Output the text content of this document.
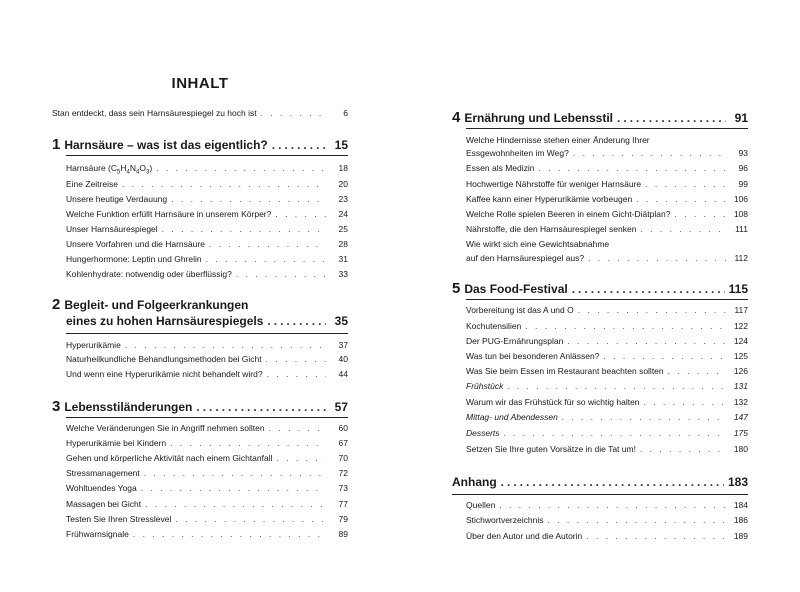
INHALT
Stan entdeckt, dass sein Harnsäurespiegel zu hoch ist . . .	6
1 Harnsäure – was ist das eigentlich? .....	15
Harnsäure $(C_5H_4N_4O_3)$ . . .	18
Eine Zeitreise . . .	20
Unsere heutige Verdauung . . .	23
Welche Funktion erfüllt Harnsäure in unserem Körper? . . .	24
Unser Harnsäurespiegel . . .	25
Unsere Vorfahren und die Harnsäure . . .	28
Hungerhormone: Leptin und Ghrelin . . .	31
Kohlenhydrate: notwendig oder überflüssig? . . .	33
2 Begleit- und Folgeerkrankungen
eines zu hohen Harnsäurespiegels .....	35
Hyperurikämie . . .	37
Naturheilkundliche Behandlungsmethoden bei Gicht . . .	40
Und wenn eine Hyperurikämie nicht behandelt wird? . . .	44
3 Lebensstiländerungen .....	57
Welche Veränderungen Sie in Angriff nehmen sollten . . .	60
Hyperurikämie bei Kindern . . .	67
Gehen und körperliche Aktivität nach einem Gichtanfall . . .	70
Stressmanagement . . .	72
Wohltuendes Yoga . . .	73
Massagen bei Gicht . . .	77
Testen Sie Ihren Stresslevel . . .	79
Frühwarnsignale . . .	89
4 Ernährung und Lebensstil .....	91
Welche Hindernisse stehen einer Änderung Ihrer
Essgewohnheiten im Weg? . . .	93
Essen als Medizin . . .	96
Hochwertige Nährstoffe für weniger Harnsäure . . .	99
Kaffee kann einer Hyperurikämie vorbeugen . . .	106
Welche Rolle spielen Beeren in einem Gicht-Diätplan? . . .	108
Nährstoffe, die den Harnsäurespiegel senken . . .	111
Wie wirkt sich eine Gewichtsabnahme
auf den Harnsäurespiegel aus? . . .	112
5 Das Food-Festival .....	115
Vorbereitung ist das A und O . . .	117
Kochutensilien . . .	122
Der PUG-Ernährungsplan . . .	124
Was tun bei besonderen Anlässen? . . .	125
Was Sie beim Essen im Restaurant beachten sollten . . .	126
Frühstück . . .	131
Warum wir das Frühstück für so wichtig halten . . .	132
Mittag- und Abendessen . . .	147
Desserts . . .	175
Setzen Sie Ihre guten Vorsätze in die Tat um! . . .	180
Anhang .....	183
Quellen . . .	184
Stichwortverzeichnis . . .	186
Über den Autor und die Autorin . . .	189
